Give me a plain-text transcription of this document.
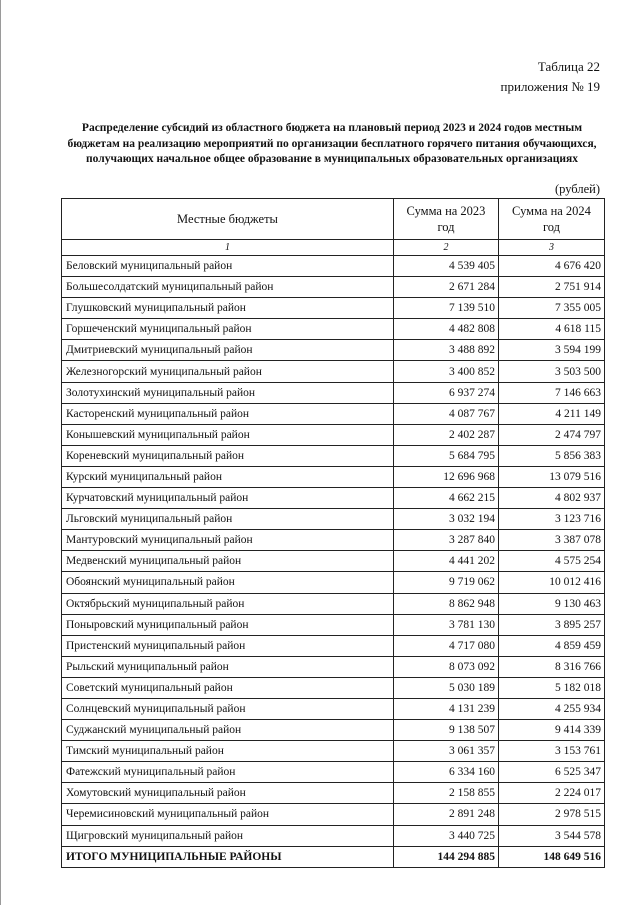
Таблица 22
приложения № 19
Распределение субсидий из областного бюджета на плановый период 2023 и 2024 годов местным бюджетам на реализацию мероприятий по организации бесплатного горячего питания обучающихся, получающих начальное общее образование в муниципальных образовательных организациях
(рублей)
Местные бюджеты	Сумма на 2023 год	Сумма на 2024 год
1	2	3
Беловский муниципальный район	4 539 405	4 676 420
Большесолдатский муниципальный район	2 671 284	2 751 914
Глушковский муниципальный район	7 139 510	7 355 005
Горшеченский муниципальный район	4 482 808	4 618 115
Дмитриевский муниципальный район	3 488 892	3 594 199
Железногорский муниципальный район	3 400 852	3 503 500
Золотухинский муниципальный район	6 937 274	7 146 663
Касторенский муниципальный район	4 087 767	4 211 149
Конышевский муниципальный район	2 402 287	2 474 797
Кореневский муниципальный район	5 684 795	5 856 383
Курский муниципальный район	12 696 968	13 079 516
Курчатовский муниципальный район	4 662 215	4 802 937
Льговский муниципальный район	3 032 194	3 123 716
Мантуровский муниципальный район	3 287 840	3 387 078
Медвенский муниципальный район	4 441 202	4 575 254
Обоянский муниципальный район	9 719 062	10 012 416
Октябрьский муниципальный район	8 862 948	9 130 463
Поныровский муниципальный район	3 781 130	3 895 257
Пристенский муниципальный район	4 717 080	4 859 459
Рыльский муниципальный район	8 073 092	8 316 766
Советский муниципальный район	5 030 189	5 182 018
Солнцевский муниципальный район	4 131 239	4 255 934
Суджанский муниципальный район	9 138 507	9 414 339
Тимский муниципальный район	3 061 357	3 153 761
Фатежский муниципальный район	6 334 160	6 525 347
Хомутовский муниципальный район	2 158 855	2 224 017
Черемисиновский муниципальный район	2 891 248	2 978 515
Щигровский муниципальный район	3 440 725	3 544 578
ИТОГО МУНИЦИПАЛЬНЫЕ РАЙОНЫ	144 294 885	148 649 516
